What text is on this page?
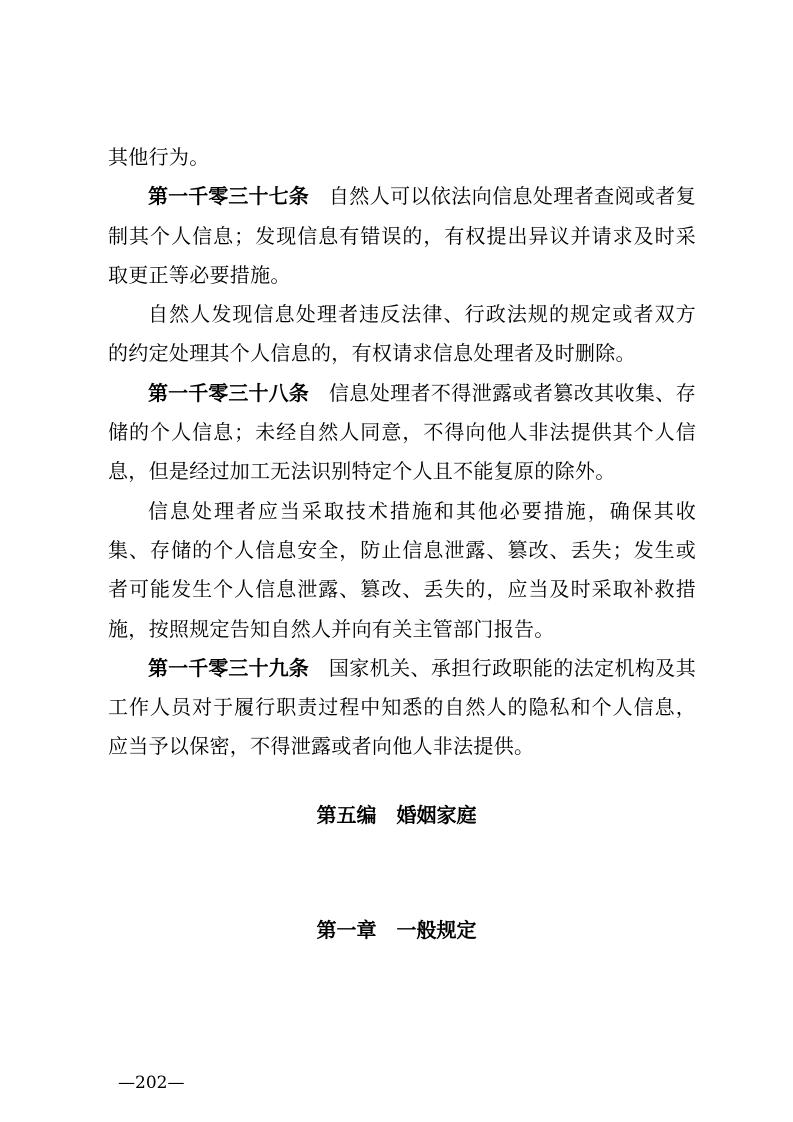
其他行为。

第一千零三十七条 自然人可以依法向信息处理者查阅或者复制其个人信息；发现信息有错误的，有权提出异议并请求及时采取更正等必要措施。

自然人发现信息处理者违反法律、行政法规的规定或者双方的约定处理其个人信息的，有权请求信息处理者及时删除。

第一千零三十八条 信息处理者不得泄露或者篡改其收集、存储的个人信息；未经自然人同意，不得向他人非法提供其个人信息，但是经过加工无法识别特定个人且不能复原的除外。

信息处理者应当采取技术措施和其他必要措施，确保其收集、存储的个人信息安全，防止信息泄露、篡改、丢失；发生或者可能发生个人信息泄露、篡改、丢失的，应当及时采取补救措施，按照规定告知自然人并向有关主管部门报告。

第一千零三十九条 国家机关、承担行政职能的法定机构及其工作人员对于履行职责过程中知悉的自然人的隐私和个人信息，应当予以保密，不得泄露或者向他人非法提供。

第五编 婚姻家庭
第一章 一般规定
—202—
